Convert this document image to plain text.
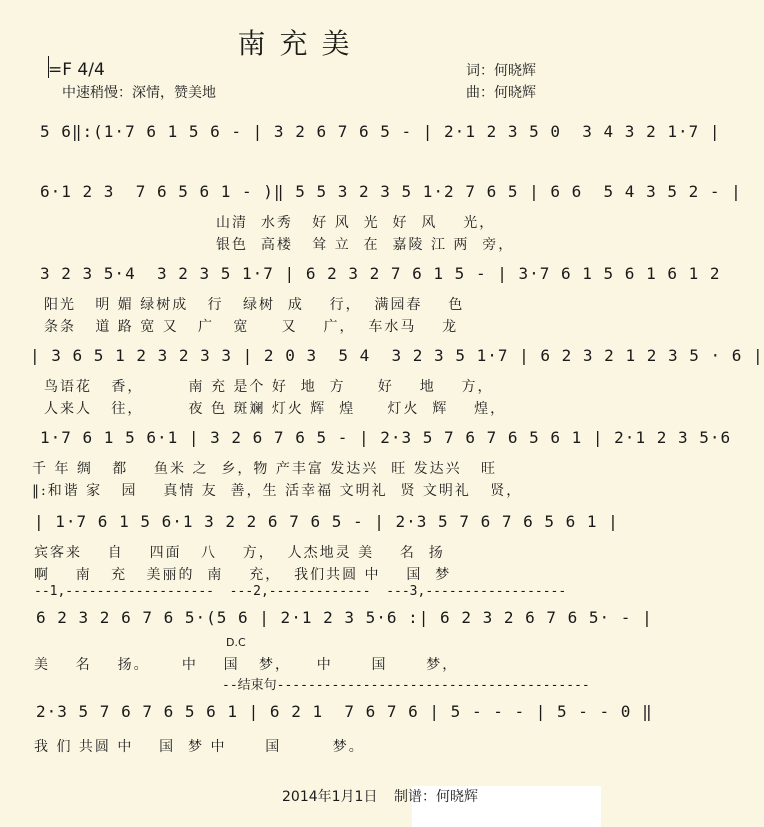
南充美
=F 4/4
中速稍慢：深情，赞美地
词：何晓辉
曲：何晓辉
5 6‖:(1·7 6 1 5 6 - | 3 2 6 7 6 5 - | 2·1 2 3 5 0  3 4 3 2 1·7 |
6·1 2 3  7 6 5 6 1 - )‖ 5 5 3 2 3 5 1·2 7 6 5 | 6 6  5 4 3 5 2 - |
山清  水秀   好 风  光  好  风    光，
银色  高楼   耸 立  在  嘉陵 江 两  旁，
3 2 3 5·4  3 2 3 5 1·7 | 6 2 3 2 7 6 1 5 - | 3·7 6 1 5 6 1 6 1 2
阳光   明 媚 绿树成   行   绿树  成    行，  满园春    色
条条   道 路 宽 又   广   宽     又    广，  车水马    龙
| 3 6 5 1 2 3 2 3 3 | 2 0 3  5 4  3 2 3 5 1·7 | 6 2 3 2 1 2 3 5 · 6 |
鸟语花   香，       南 充 是个 好  地  方     好    地    方，
人来人   往，       夜 色 斑斓 灯火 辉  煌     灯火  辉    煌，
1·7 6 1 5 6·1 | 3 2 6 7 6 5 - | 2·3 5 7 6 7 6 5 6 1 | 2·1 2 3 5·6
千 年 绸   都    鱼米 之  乡，物 产丰富 发达兴  旺 发达兴   旺
‖:和谐 家   园    真情 友  善，生 活幸福 文明礼  贤 文明礼   贤，
| 1·7 6 1 5 6·1 3 2 2 6 7 6 5 - | 2·3 5 7 6 7 6 5 6 1 |
宾客来    自    四面   八    方，  人杰地灵 美    名  扬
啊    南   充   美丽的  南    充，  我们共圆 中    国  梦
--1,-------------------  ---2,-------------  ---3,------------------
6 2 3 2 6 7 6 5·(5 6 | 2·1 2 3 5·6 :| 6 2 3 2 6 7 6 5· - |
D.C
美    名    扬。     中    国   梦，    中      国      梦，
--结束句----------------------------------------
2·3 5 7 6 7 6 5 6 1 | 6 2 1  7 6 7 6 | 5 - - - | 5 - - 0 ‖
我 们 共圆 中    国  梦 中      国        梦。
2014年1月1日 制谱：何晓辉
